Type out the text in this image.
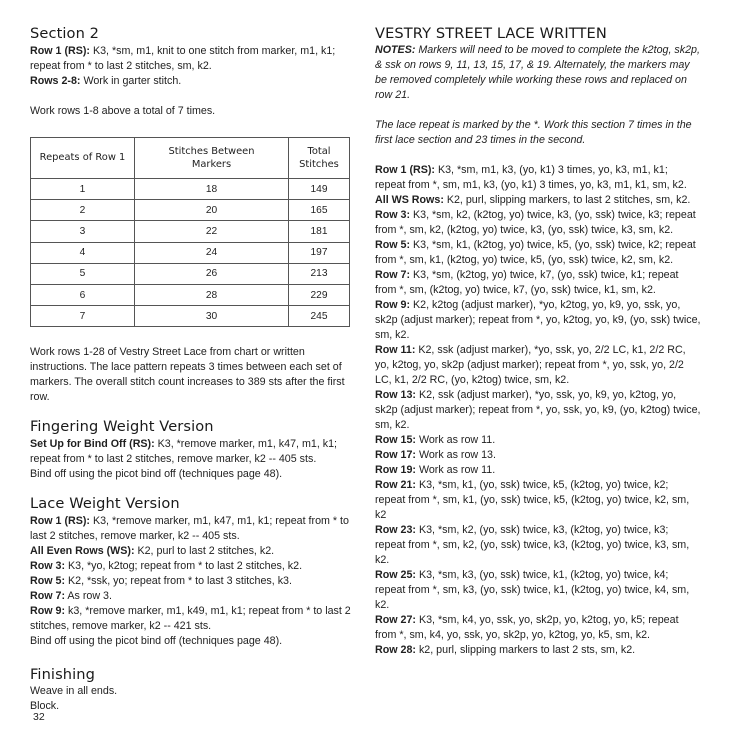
Section 2

Row 1 (RS): K3, *sm, m1, knit to one stitch from marker, m1, k1; repeat from * to last 2 stitches, sm, k2.

Rows 2-8: Work in garter stitch.

Work rows 1-8 above a total of 7 times.

Repeats of Row 1	Stitches Between Markers	Total Stitches
1	18	149
2	20	165
3	22	181
4	24	197
5	26	213
6	28	229
7	30	245

Work rows 1-28 of Vestry Street Lace from chart or written instructions. The lace pattern repeats 3 times between each set of markers. The overall stitch count increases to 389 sts after the first row.

Fingering Weight Version

Set Up for Bind Off (RS): K3, *remove marker, m1, k47, m1, k1; repeat from * to last 2 stitches, remove marker, k2 -- 405 sts.

Bind off using the picot bind off (techniques page 48).

Lace Weight Version

Row 1 (RS): K3, *remove marker, m1, k47, m1, k1; repeat from * to last 2 stitches, remove marker, k2 -- 405 sts.

All Even Rows (WS): K2, purl to last 2 stitches, k2.

Row 3: K3, *yo, k2tog; repeat from * to last 2 stitches, k2.

Row 5: K2, *ssk, yo; repeat from * to last 3 stitches, k3.

Row 7: As row 3.

Row 9: k3, *remove marker, m1, k49, m1, k1; repeat from * to last 2 stitches, remove marker, k2 -- 421 sts.

Bind off using the picot bind off (techniques page 48).

Finishing

Weave in all ends.

Block.

VESTRY STREET LACE WRITTEN

NOTES: Markers will need to be moved to complete the k2tog, sk2p, & ssk on rows 9, 11, 13, 15, 17, & 19. Alternately, the markers may be removed completely while working these rows and replaced on row 21.

The lace repeat is marked by the *. Work this section 7 times in the first lace section and 23 times in the second.

Row 1 (RS): K3, *sm, m1, k3, (yo, k1) 3 times, yo, k3, m1, k1; repeat from *, sm, m1, k3, (yo, k1) 3 times, yo, k3, m1, k1, sm, k2.

All WS Rows: K2, purl, slipping markers, to last 2 stitches, sm, k2.

Row 3: K3, *sm, k2, (k2tog, yo) twice, k3, (yo, ssk) twice, k3; repeat from *, sm, k2, (k2tog, yo) twice, k3, (yo, ssk) twice, k3, sm, k2.

Row 5: K3, *sm, k1, (k2tog, yo) twice, k5, (yo, ssk) twice, k2; repeat from *, sm, k1, (k2tog, yo) twice, k5, (yo, ssk) twice, k2, sm, k2.

Row 7: K3, *sm, (k2tog, yo) twice, k7, (yo, ssk) twice, k1; repeat from *, sm, (k2tog, yo) twice, k7, (yo, ssk) twice, k1, sm, k2.

Row 9: K2, k2tog (adjust marker), *yo, k2tog, yo, k9, yo, ssk, yo, sk2p (adjust marker); repeat from *, yo, k2tog, yo, k9, (yo, ssk) twice, sm, k2.

Row 11: K2, ssk (adjust marker), *yo, ssk, yo, 2/2 LC, k1, 2/2 RC, yo, k2tog, yo, sk2p (adjust marker); repeat from *, yo, ssk, yo, 2/2 LC, k1, 2/2 RC, (yo, k2tog) twice, sm, k2.

Row 13: K2, ssk (adjust marker), *yo, ssk, yo, k9, yo, k2tog, yo, sk2p (adjust marker); repeat from *, yo, ssk, yo, k9, (yo, k2tog) twice, sm, k2.

Row 15: Work as row 11.

Row 17: Work as row 13.

Row 19: Work as row 11.

Row 21: K3, *sm, k1, (yo, ssk) twice, k5, (k2tog, yo) twice, k2; repeat from *, sm, k1, (yo, ssk) twice, k5, (k2tog, yo) twice, k2, sm, k2

Row 23: K3, *sm, k2, (yo, ssk) twice, k3, (k2tog, yo) twice, k3; repeat from *, sm, k2, (yo, ssk) twice, k3, (k2tog, yo) twice, k3, sm, k2.

Row 25: K3, *sm, k3, (yo, ssk) twice, k1, (k2tog, yo) twice, k4; repeat from *, sm, k3, (yo, ssk) twice, k1, (k2tog, yo) twice, k4, sm, k2.

Row 27: K3, *sm, k4, yo, ssk, yo, sk2p, yo, k2tog, yo, k5; repeat from *, sm, k4, yo, ssk, yo, sk2p, yo, k2tog, yo, k5, sm, k2.

Row 28: k2, purl, slipping markers to last 2 sts, sm, k2.

32
